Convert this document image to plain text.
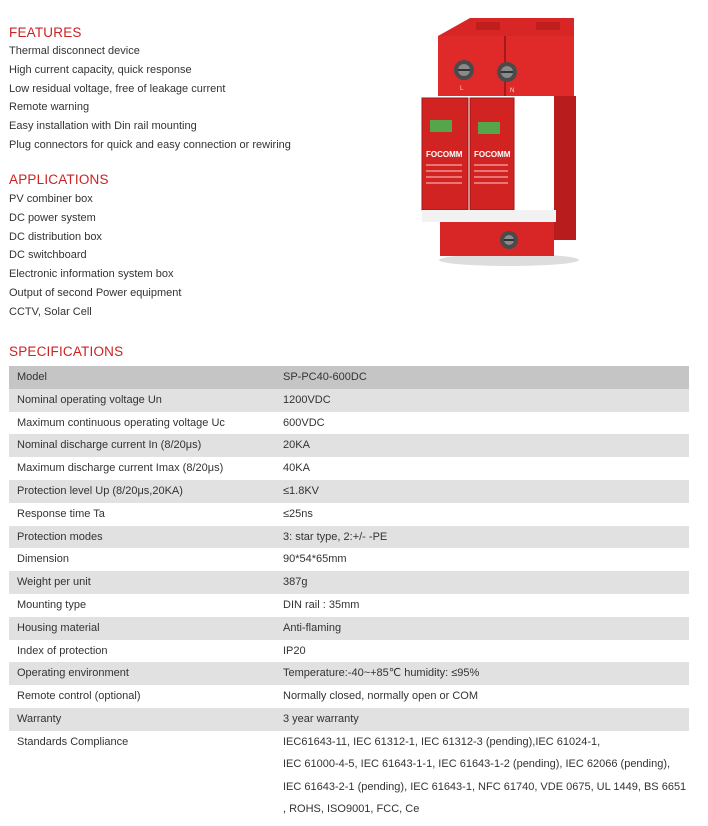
FEATURES
Thermal disconnect device
High current capacity, quick response
Low residual voltage, free of leakage current
Remote warning
Easy installation with Din rail mounting
Plug connectors for quick and easy connection or rewiring
APPLICATIONS
PV combiner box
DC power system
DC distribution box
DC switchboard
Electronic information system box
Output of second Power equipment
CCTV, Solar Cell
L	N
FOCOMM FOCOMM
SPECIFICATIONS
Model	SP-PC40-600DC
Nominal operating voltage Un	1200VDC
Maximum continuous operating voltage Uc	600VDC
Nominal discharge current In (8/20μs)	20KA
Maximum discharge current Imax (8/20μs)	40KA
Protection level Up (8/20μs,20KA)	≤1.8KV
Response time Ta	≤25ns
Protection modes	3: star type, 2:+/- -PE
Dimension	90*54*65mm
Weight per unit	387g
Mounting type	DIN rail : 35mm
Housing material	Anti-flaming
Index of protection	IP20
Operating environment	Temperature:-40~+85℃ humidity: ≤95%
Remote control (optional)	Normally closed, normally open or COM
Warranty	3 year warranty
Standards Compliance	IEC61643-11, IEC 61312-1, IEC 61312-3 (pending),IEC 61024-1,
IEC 61000-4-5, IEC 61643-1-1, IEC 61643-1-2 (pending), IEC 62066 (pending),
IEC 61643-2-1 (pending), IEC 61643-1, NFC 61740, VDE 0675, UL 1449, BS 6651
, ROHS, ISO9001, FCC, Ce
